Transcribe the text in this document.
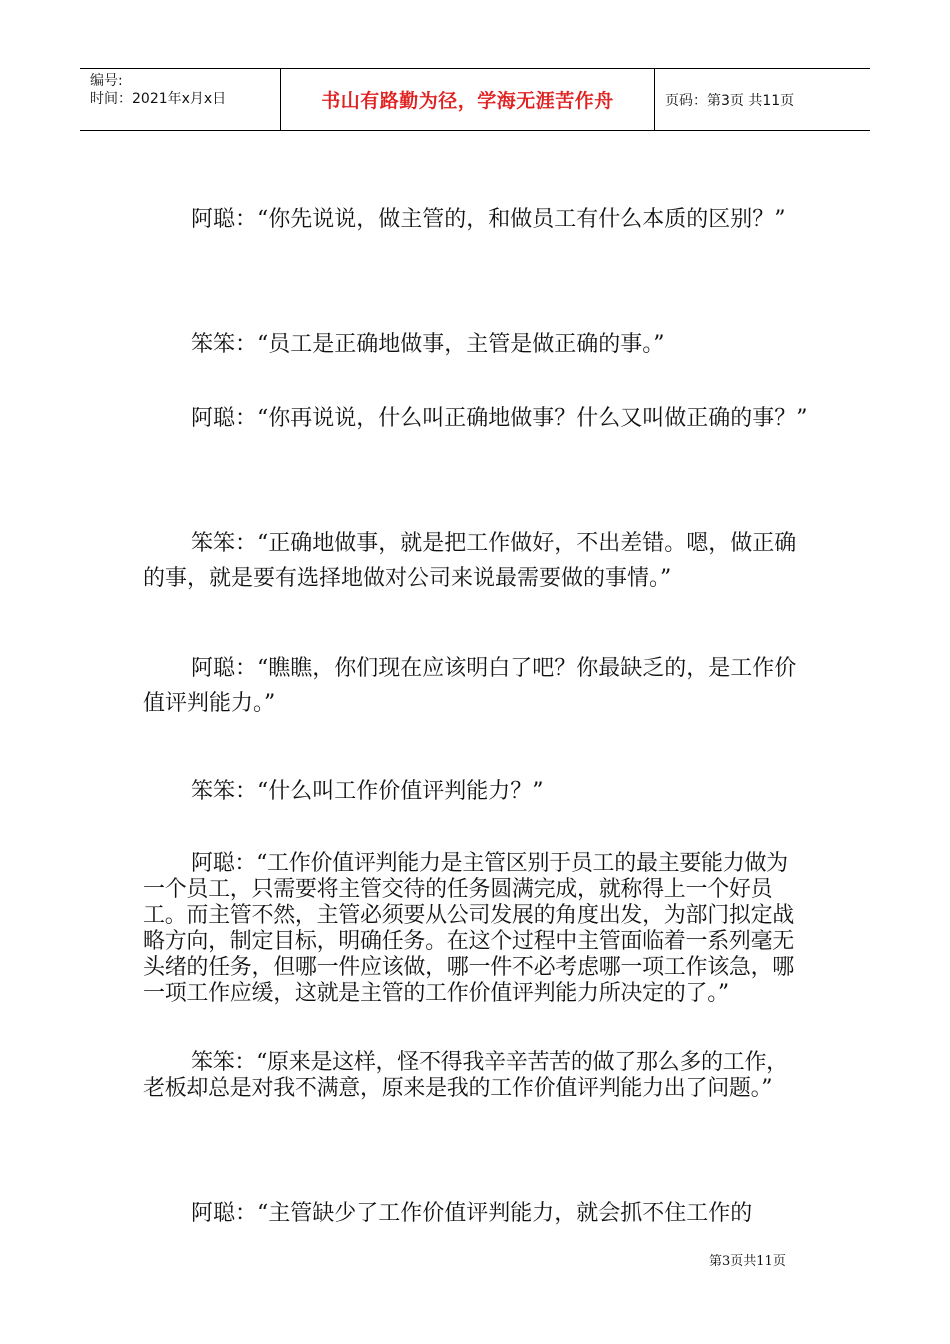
编号:
时间：2021年x月x日	书山有路勤为径，学海无涯苦作舟	页码：第3页 共11页

阿聪：“你先说说，做主管的，和做员工有什么本质的区别？”

笨笨：“员工是正确地做事，主管是做正确的事。”

阿聪：“你再说说，什么叫正确地做事？什么又叫做正确的事？”

笨笨：“正确地做事，就是把工作做好，不出差错。嗯，做正确的事，就是要有选择地做对公司来说最需要做的事情。”

阿聪：“瞧瞧，你们现在应该明白了吧？你最缺乏的，是工作价值评判能力。”

笨笨：“什么叫工作价值评判能力？”

阿聪：“工作价值评判能力是主管区别于员工的最主要能力做为一个员工，只需要将主管交待的任务圆满完成，就称得上一个好员工。而主管不然，主管必须要从公司发展的角度出发，为部门拟定战略方向，制定目标，明确任务。在这个过程中主管面临着一系列毫无头绪的任务，但哪一件应该做，哪一件不必考虑哪一项工作该急，哪一项工作应缓，这就是主管的工作价值评判能力所决定的了。”

笨笨：“原来是这样，怪不得我辛辛苦苦的做了那么多的工作，老板却总是对我不满意，原来是我的工作价值评判能力出了问题。”

阿聪：“主管缺少了工作价值评判能力，就会抓不住工作的

第3页共11页
